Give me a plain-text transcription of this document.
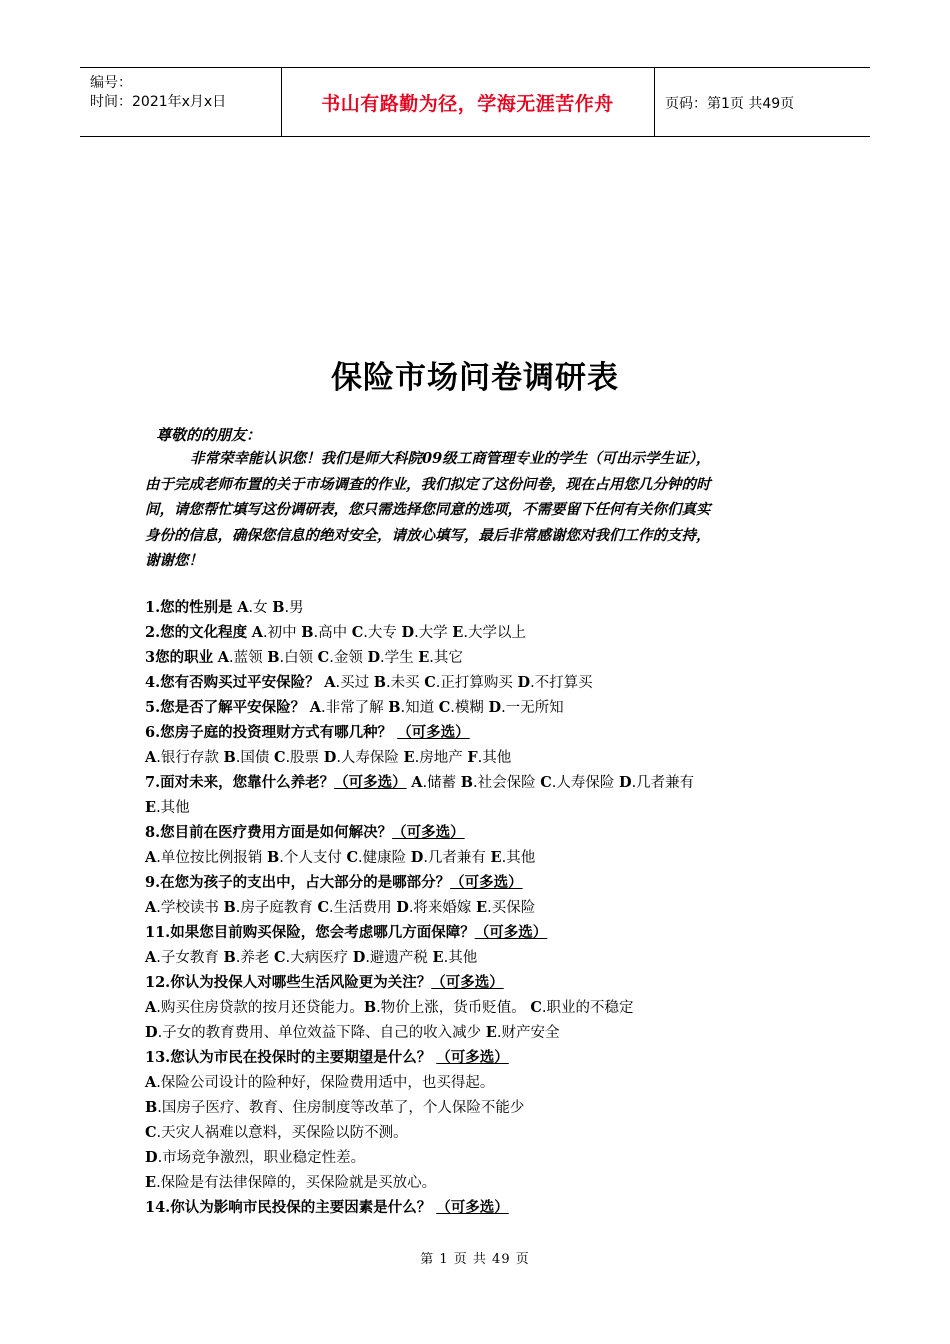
编号：
时间：2021年x月x日	书山有路勤为径，学海无涯苦作舟	页码：第1页 共49页
保险市场问卷调研表
尊敬的的朋友：
非常荣幸能认识您！我们是师大科院09级工商管理专业的学生（可出示学生证），
由于完成老师布置的关于市场调查的作业，我们拟定了这份问卷，现在占用您几分钟的时
间，请您帮忙填写这份调研表，您只需选择您同意的选项，不需要留下任何有关你们真实
身份的信息，确保您信息的绝对安全，请放心填写，最后非常感谢您对我们工作的支持，
谢谢您！
1.您的性别是 A.女 B.男
2.您的文化程度 A.初中 B.高中 C.大专 D.大学 E.大学以上
3您的职业 A.蓝领 B.白领 C.金领 D.学生 E.其它
4.您有否购买过平安保险？ A.买过 B.未买 C.正打算购买 D.不打算买
5.您是否了解平安保险？ A.非常了解 B.知道 C.模糊 D.一无所知
6.您房子庭的投资理财方式有哪几种？ （可多选）
A.银行存款 B.国债 C.股票 D.人寿保险 E.房地产 F.其他
7.面对未来，您靠什么养老？（可多选） A.储蓄 B.社会保险 C.人寿保险 D.几者兼有
E.其他
8.您目前在医疗费用方面是如何解决？（可多选）
A.单位按比例报销 B.个人支付 C.健康险 D.几者兼有 E.其他
9.在您为孩子的支出中，占大部分的是哪部分？（可多选）
A.学校读书 B.房子庭教育 C.生活费用 D.将来婚嫁 E.买保险
11.如果您目前购买保险，您会考虑哪几方面保障？（可多选）
A.子女教育 B.养老 C.大病医疗 D.避遗产税 E.其他
12.你认为投保人对哪些生活风险更为关注？（可多选）
A.购买住房贷款的按月还贷能力。B.物价上涨，货币贬值。 C.职业的不稳定
D.子女的教育费用、单位效益下降、自己的收入减少 E.财产安全
13.您认为市民在投保时的主要期望是什么？ （可多选）
A.保险公司设计的险种好，保险费用适中，也买得起。
B.国房子医疗、教育、住房制度等改革了，个人保险不能少
C.天灾人祸难以意料，买保险以防不测。
D.市场竞争激烈，职业稳定性差。
E.保险是有法律保障的，买保险就是买放心。
14.你认为影响市民投保的主要因素是什么？ （可多选）
第 1 页 共 49 页
